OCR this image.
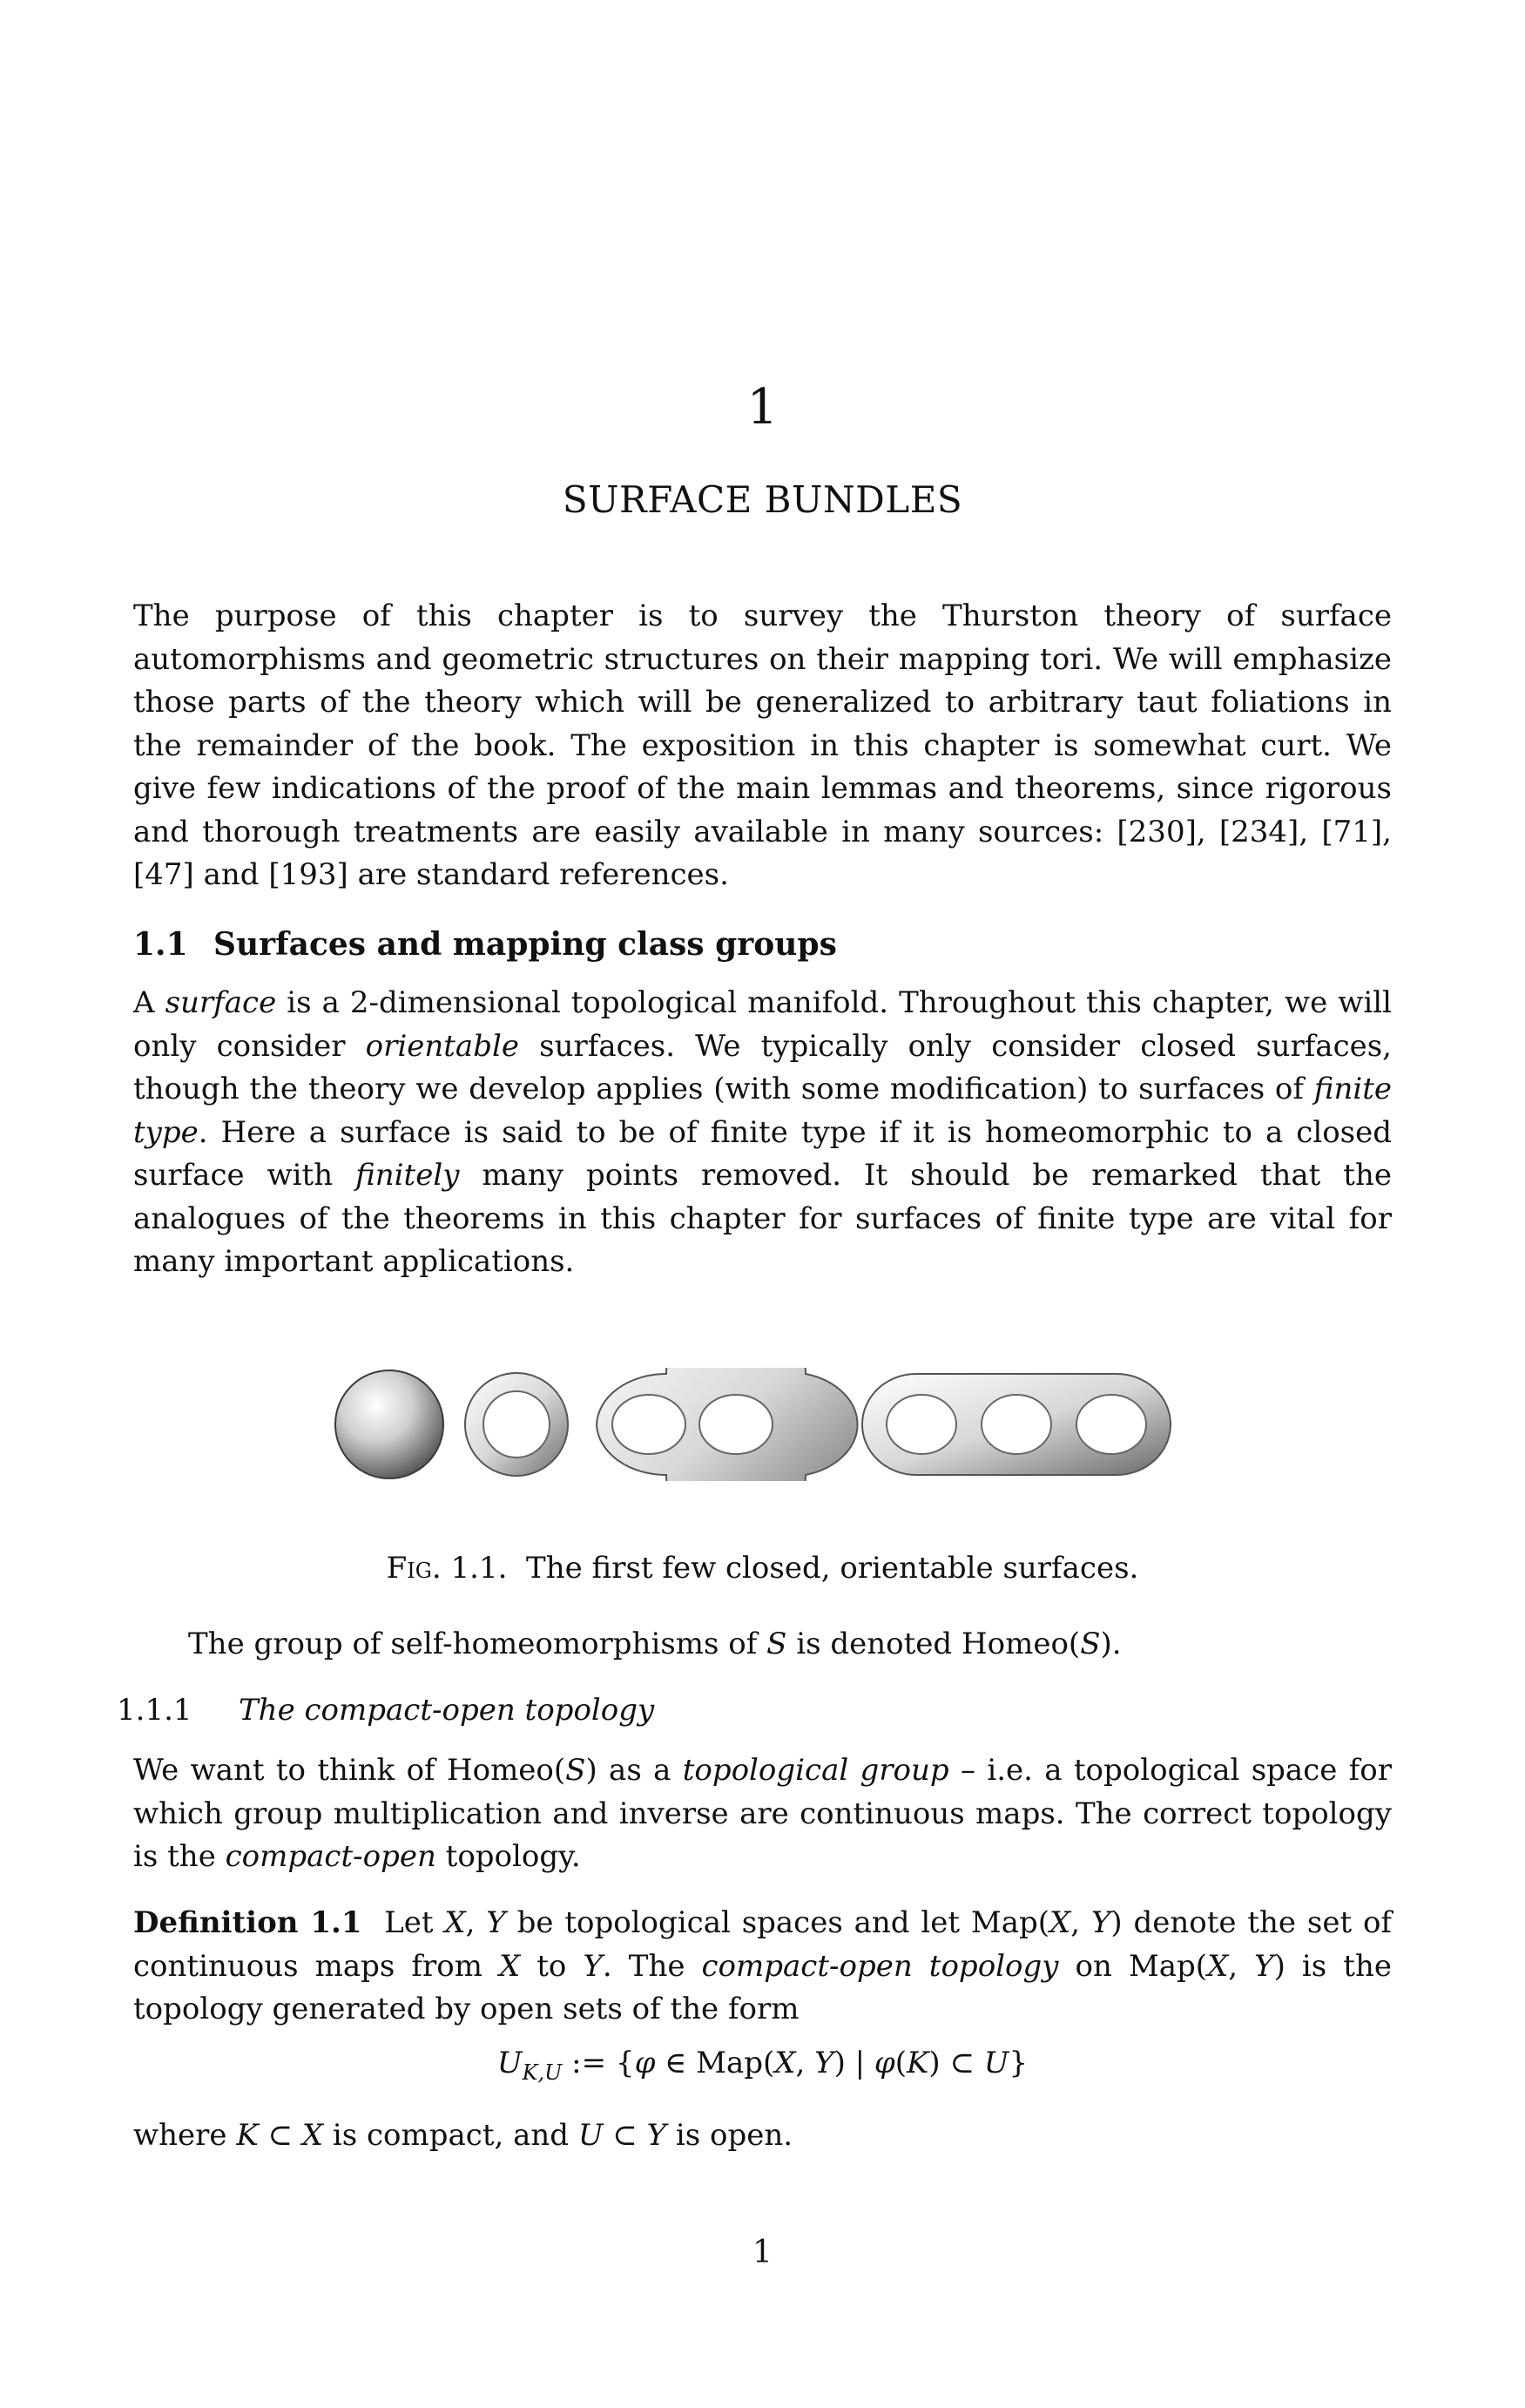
1
SURFACE BUNDLES

The purpose of this chapter is to survey the Thurston theory of surface automorphisms and geometric structures on their mapping tori. We will emphasize those parts of the theory which will be generalized to arbitrary taut foliations in the remainder of the book. The exposition in this chapter is somewhat curt. We give few indications of the proof of the main lemmas and theorems, since rigorous and thorough treatments are easily available in many sources: [230], [234], [71], [47] and [193] are standard references.

1.1 Surfaces and mapping class groups

A surface is a 2-dimensional topological manifold. Throughout this chapter, we will only consider orientable surfaces. We typically only consider closed surfaces, though the theory we develop applies (with some modification) to surfaces of finite type. Here a surface is said to be of finite type if it is homeomorphic to a closed surface with finitely many points removed. It should be remarked that the analogues of the theorems in this chapter for surfaces of finite type are vital for many important applications.

Fig. 1.1. The first few closed, orientable surfaces.
The group of self-homeomorphisms of S is denoted Homeo(S).
1.1.1 The compact-open topology

We want to think of Homeo(S) as a topological group – i.e. a topological space for which group multiplication and inverse are continuous maps. The correct topology is the compact-open topology.

Definition 1.1 Let X, Y be topological spaces and let Map(X, Y) denote the set of continuous maps from X to Y. The compact-open topology on Map(X, Y) is the topology generated by open sets of the form

$U_{K,U}$ := {φ ∈ Map(X, Y) | φ(K) ⊂ U}
where K ⊂ X is compact, and U ⊂ Y is open.
1
